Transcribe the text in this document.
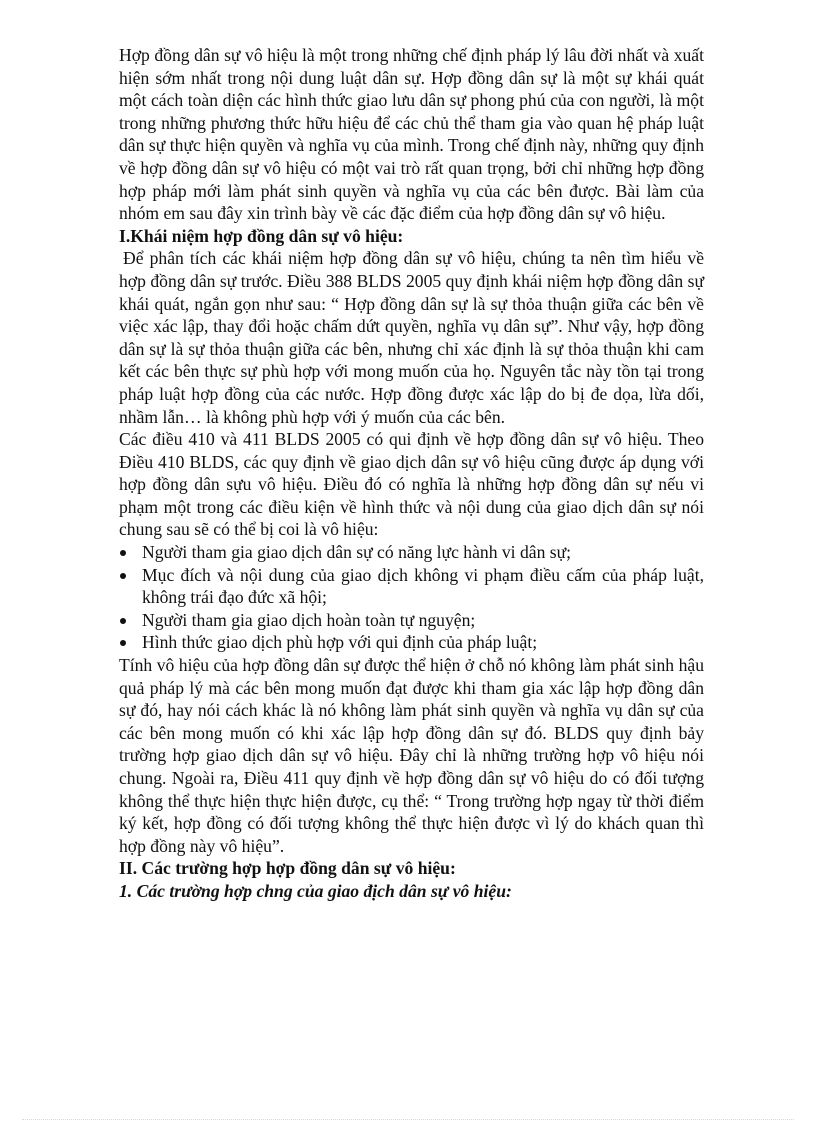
Hợp đồng dân sự vô hiệu là một trong những chế định pháp lý lâu đời nhất và xuất hiện sớm nhất trong nội dung luật dân sự. Hợp đồng dân sự là một sự khái quát một cách toàn diện các hình thức giao lưu dân sự phong phú của con người, là một trong những phương thức hữu hiệu để các chủ thể tham gia vào quan hệ pháp luật dân sự thực hiện quyền và nghĩa vụ của mình. Trong chế định này, những quy định về hợp đồng dân sự vô hiệu có một vai trò rất quan trọng, bởi chỉ những hợp đồng hợp pháp mới làm phát sinh quyền và nghĩa vụ của các bên được. Bài làm của nhóm em sau đây xin trình bày về các đặc điểm của hợp đồng dân sự vô hiệu.

I.Khái niệm hợp đồng dân sự vô hiệu:

Để phân tích các khái niệm hợp đồng dân sự vô hiệu, chúng ta nên tìm hiểu về hợp đồng dân sự trước. Điều 388 BLDS 2005 quy định khái niệm hợp đồng dân sự khái quát, ngắn gọn như sau: “ Hợp đồng dân sự là sự thỏa thuận giữa các bên về việc xác lập, thay đổi hoặc chấm dứt quyền, nghĩa vụ dân sự”. Như vậy, hợp đồng dân sự là sự thỏa thuận giữa các bên, nhưng chỉ xác định là sự thỏa thuận khi cam kết các bên thực sự phù hợp với mong muốn của họ. Nguyên tắc này tồn tại trong pháp luật hợp đồng của các nước. Hợp đồng được xác lập do bị đe dọa, lừa dối, nhầm lẫn… là không phù hợp với ý muốn của các bên.

Các điều 410 và 411 BLDS 2005 có qui định về hợp đồng dân sự vô hiệu. Theo Điều 410 BLDS, các quy định về giao dịch dân sự vô hiệu cũng được áp dụng với hợp đồng dân sựu vô hiệu. Điều đó có nghĩa là những hợp đồng dân sự nếu vi phạm một trong các điều kiện về hình thức và nội dung của giao dịch dân sự nói chung sau sẽ có thể bị coi là vô hiệu:

Người tham gia giao dịch dân sự có năng lực hành vi dân sự;
Mục đích và nội dung của giao dịch không vi phạm điều cấm của pháp luật, không trái đạo đức xã hội;
Người tham gia giao dịch hoàn toàn tự nguyện;
Hình thức giao dịch phù hợp với qui định của pháp luật;

Tính vô hiệu của hợp đồng dân sự được thể hiện ở chỗ nó không làm phát sinh hậu quả pháp lý mà các bên mong muốn đạt được khi tham gia xác lập hợp đồng dân sự đó, hay nói cách khác là nó không làm phát sinh quyền và nghĩa vụ dân sự của các bên mong muốn có khi xác lập hợp đồng dân sự đó. BLDS quy định bảy trường hợp giao dịch dân sự vô hiệu. Đây chỉ là những trường hợp vô hiệu nói chung. Ngoài ra, Điều 411 quy định về hợp đồng dân sự vô hiệu do có đối tượng không thể thực hiện thực hiện được, cụ thể: “ Trong trường hợp ngay từ thời điểm ký kết, hợp đồng có đối tượng không thể thực hiện được vì lý do khách quan thì hợp đồng này vô hiệu”.

II. Các trường hợp hợp đồng dân sự vô hiệu:

1. Các trường hợp chng của giao địch dân sự vô hiệu:
